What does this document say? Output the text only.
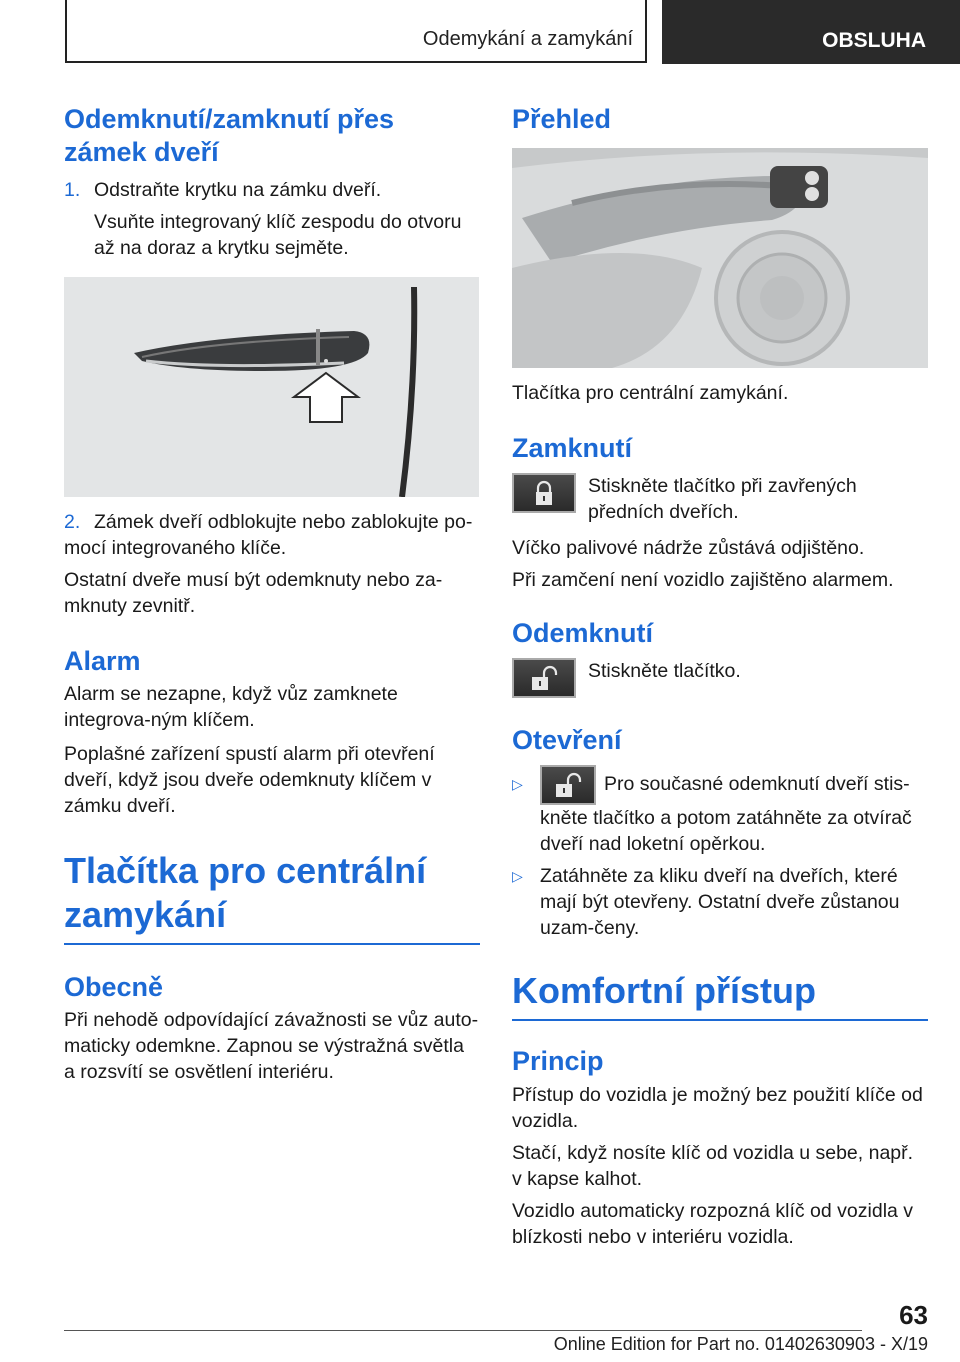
Odemykání a zamykání	OBSLUHA
Odemknutí/zamknutí přes zámek dveří
1. Odstraňte krytku na zámku dveří.

Vsuňte integrovaný klíč zespodu do otvoru až na doraz a krytku sejměte.

2. Zámek dveří odblokujte nebo zablokujte po-mocí integrovaného klíče.

Ostatní dveře musí být odemknuty nebo za-mknuty zevnitř.

Alarm

Alarm se nezapne, když vůz zamknete integrova-ným klíčem.

Poplašné zařízení spustí alarm při otevření dveří, když jsou dveře odemknuty klíčem v zámku dveří.

Tlačítka pro centrální zamykání
Obecně

Při nehodě odpovídající závažnosti se vůz auto-maticky odemkne. Zapnou se výstražná světla a rozsvítí se osvětlení interiéru.

Přehled

Tlačítka pro centrální zamykání.

Zamknutí

Stiskněte tlačítko při zavřených předních dveřích.

Víčko palivové nádrže zůstává odjištěno.

Při zamčení není vozidlo zajištěno alarmem.

Odemknutí

Stiskněte tlačítko.

Otevření
▷	Pro současné odemknutí dveří stis-kněte tlačítko a potom zatáhněte za otvírač dveří nad loketní opěrkou.
▷ Zatáhněte za kliku dveří na dveřích, které mají být otevřeny. Ostatní dveře zůstanou uzam-čeny.
Komfortní přístup
Princip

Přístup do vozidla je možný bez použití klíče od vozidla.

Stačí, když nosíte klíč od vozidla u sebe, např. v kapse kalhot.

Vozidlo automaticky rozpozná klíč od vozidla v blízkosti nebo v interiéru vozidla.

63
Online Edition for Part no. 01402630903 - X/19
